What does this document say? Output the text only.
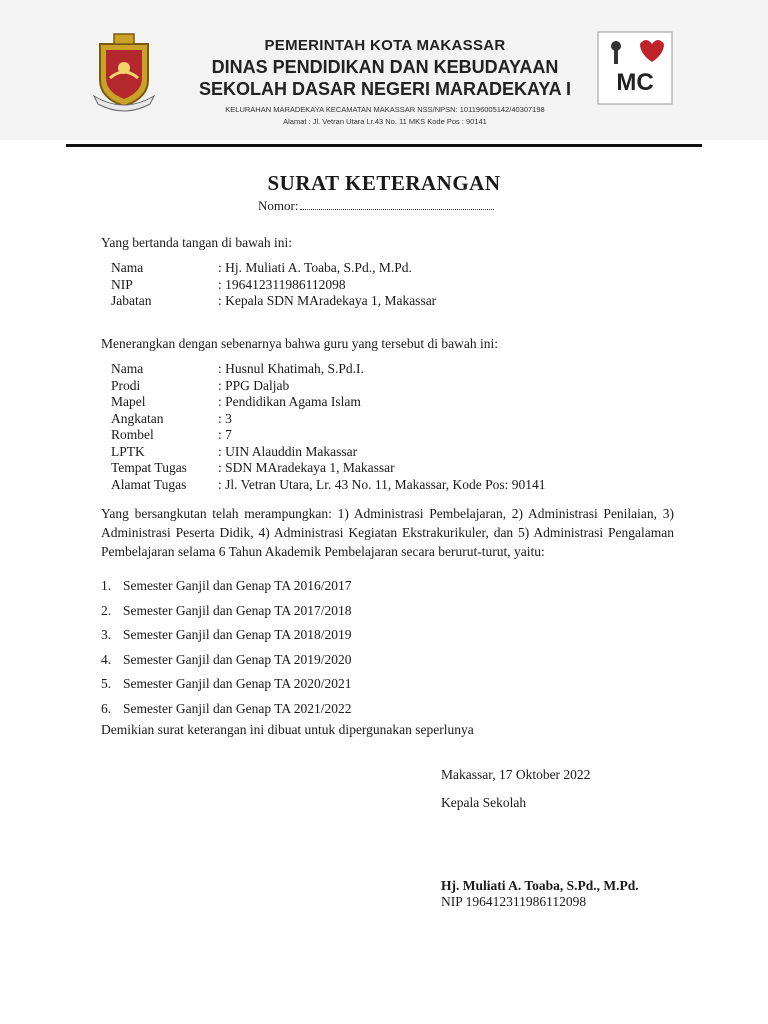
PEMERINTAH KOTA MAKASSAR
DINAS PENDIDIKAN DAN KEBUDAYAAN
SEKOLAH DASAR NEGERI MARADEKAYA I
KELURAHAN MARADEKAYA KECAMATAN MAKASSAR NSS/NPSN: 101196005142/40307198
Alamat : Jl. Vetran Utara Lr.43 No. 11 MKS Kode Pos : 90141
MC
SURAT KETERANGAN
Nomor:
Yang bertanda tangan di bawah ini:
Nama	: Hj. Muliati A. Toaba, S.Pd., M.Pd.
NIP	: 196412311986112098
Jabatan	: Kepala SDN MAradekaya 1, Makassar
Menerangkan dengan sebenarnya bahwa guru yang tersebut di bawah ini:
Nama	: Husnul Khatimah, S.Pd.I.
Prodi	: PPG Daljab
Mapel	: Pendidikan Agama Islam
Angkatan	: 3
Rombel	: 7
LPTK	: UIN Alauddin Makassar
Tempat Tugas	: SDN MAradekaya 1, Makassar
Alamat Tugas	: Jl. Vetran Utara, Lr. 43 No. 11, Makassar, Kode Pos: 90141
Yang bersangkutan telah merampungkan: 1) Administrasi Pembelajaran, 2) Administrasi Penilaian, 3) Administrasi Peserta Didik, 4) Administrasi Kegiatan Ekstrakurikuler, dan 5) Administrasi Pengalaman Pembelajaran selama 6 Tahun Akademik Pembelajaran secara berurut-turut, yaitu:
1. Semester Ganjil dan Genap TA 2016/2017
2. Semester Ganjil dan Genap TA 2017/2018
3. Semester Ganjil dan Genap TA 2018/2019
4. Semester Ganjil dan Genap TA 2019/2020
5. Semester Ganjil dan Genap TA 2020/2021
6. Semester Ganjil dan Genap TA 2021/2022
Demikian surat keterangan ini dibuat untuk dipergunakan seperlunya
Makassar, 17 Oktober 2022
Kepala Sekolah
Hj. Muliati A. Toaba, S.Pd., M.Pd.
NIP 196412311986112098
